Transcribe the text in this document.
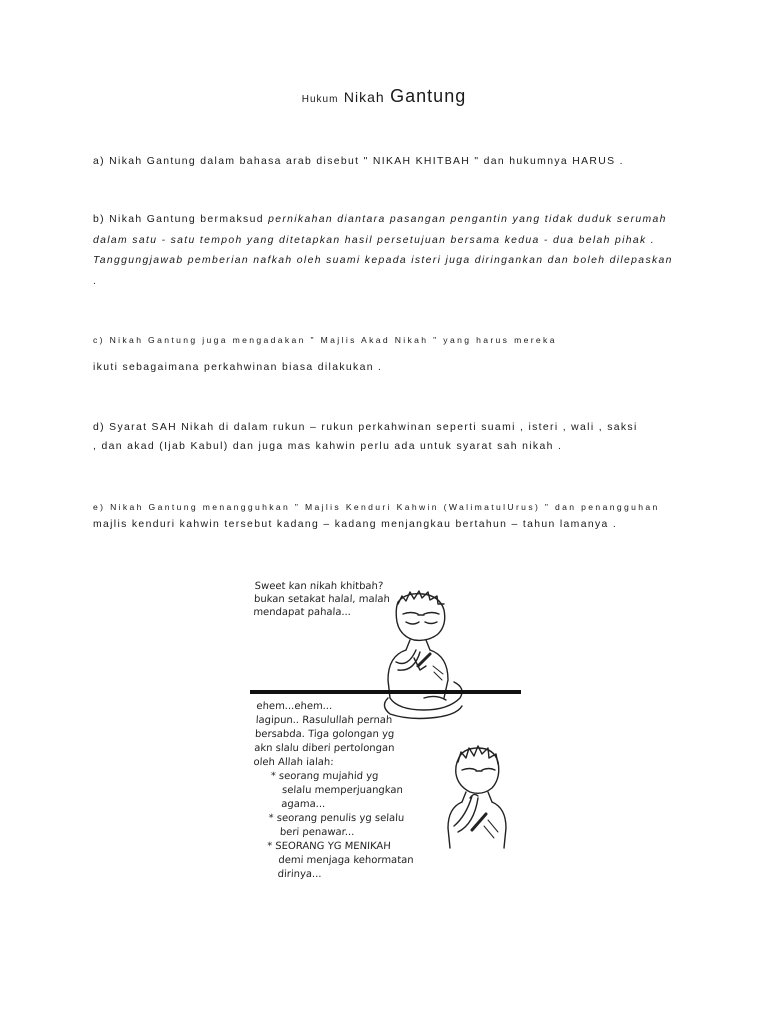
Hukum Nikah Gantung
a) Nikah Gantung dalam bahasa arab disebut " NIKAH KHITBAH " dan hukumnya HARUS .
b) Nikah Gantung bermaksud pernikahan diantara pasangan pengantin yang tidak duduk serumah
dalam satu - satu tempoh yang ditetapkan hasil persetujuan bersama kedua - dua belah pihak .
Tanggungjawab pemberian nafkah oleh suami kepada isteri juga diringankan dan boleh dilepaskan
.
c) Nikah Gantung juga mengadakan " Majlis Akad Nikah " yang harus mereka
ikuti sebagaimana perkahwinan biasa dilakukan .
d) Syarat SAH Nikah di dalam rukun – rukun perkahwinan seperti suami , isteri , wali , saksi
, dan akad (Ijab Kabul) dan juga mas kahwin perlu ada untuk syarat sah nikah .
e) Nikah Gantung menangguhkan " Majlis Kenduri Kahwin (WalimatulUrus) " dan penangguhan
majlis kenduri kahwin tersebut kadang – kadang menjangkau bertahun – tahun lamanya .
Sweet kan nikah khitbah?
bukan setakat halal, malah
mendapat pahala...
ehem...ehem...
lagipun.. Rasulullah pernah
bersabda. Tiga golongan yg
akn slalu diberi pertolongan
oleh Allah ialah:
* seorang mujahid yg
selalu memperjuangkan
agama...
* seorang penulis yg selalu
beri penawar...
* SEORANG YG MENIKAH
demi menjaga kehormatan
dirinya...
